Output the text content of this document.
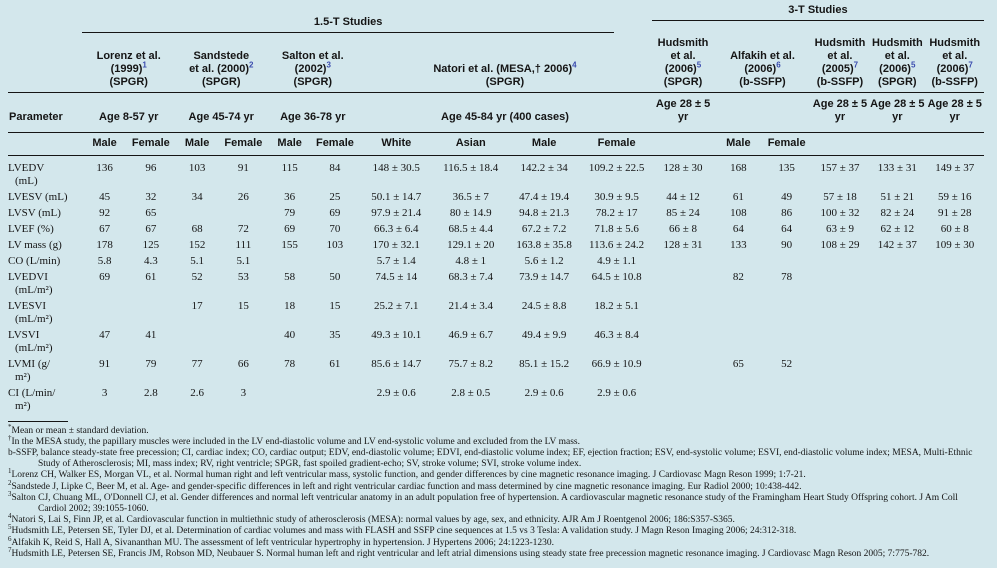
	1.5-T Studies										3-T Studies					

	Lorenz et al.
(1999)$^1$
(SPGR)		Sandstede
et al. (2000)$^2$
(SPGR)		Salton et al.
(2002)$^3$
(SPGR)		Natori et al. (MESA,† 2006)$^4$
(SPGR)				Hudsmith
et al.
(2006)$^5$
(SPGR)	Alfakih et al.
(2006)$^6$
(b-SSFP)		Hudsmith
et al.
(2005)$^7$
(b-SSFP)	Hudsmith
et al.
(2006)$^5$
(SPGR)	Hudsmith
et al.
(2006)$^7$
(b-SSFP)

Parameter	Age 8-57 yr		Age 45-74 yr		Age 36-78 yr		Age 45-84 yr (400 cases)				Age 28 ± 5 yr			Age 28 ± 5 yr	Age 28 ± 5 yr	Age 28 ± 5 yr
	Male	Female	Male	Female	Male	Female	White	Asian	Male	Female		Male	Female			

LVEDV
(mL)	136	96	103	91	115	84	148 ± 30.5	116.5 ± 18.4	142.2 ± 34	109.2 ± 22.5	128 ± 30	168	135	157 ± 37	133 ± 31	149 ± 37

LVESV (mL)	45	32	34	26	36	25	50.1 ± 14.7	36.5 ± 7	47.4 ± 19.4	30.9 ± 9.5	44 ± 12	61	49	57 ± 18	51 ± 21	59 ± 16

LVSV (mL)	92	65			79	69	97.9 ± 21.4	80 ± 14.9	94.8 ± 21.3	78.2 ± 17	85 ± 24	108	86	100 ± 32	82 ± 24	91 ± 28

LVEF (%)	67	67	68	72	69	70	66.3 ± 6.4	68.5 ± 4.4	67.2 ± 7.2	71.8 ± 5.6	66 ± 8	64	64	63 ± 9	62 ± 12	60 ± 8

LV mass (g)	178	125	152	111	155	103	170 ± 32.1	129.1 ± 20	163.8 ± 35.8	113.6 ± 24.2	128 ± 31	133	90	108 ± 29	142 ± 37	109 ± 30

CO (L/min)	5.8	4.3	5.1	5.1			5.7 ± 1.4	4.8 ± 1	5.6 ± 1.2	4.9 ± 1.1						

LVEDVI
(mL/m²)	69	61	52	53	58	50	74.5 ± 14	68.3 ± 7.4	73.9 ± 14.7	64.5 ± 10.8		82	78			

LVESVI
(mL/m²)			17	15	18	15	25.2 ± 7.1	21.4 ± 3.4	24.5 ± 8.8	18.2 ± 5.1						

LVSVI
(mL/m²)	47	41			40	35	49.3 ± 10.1	46.9 ± 6.7	49.4 ± 9.9	46.3 ± 8.4						

LVMI (g/
m²)	91	79	77	66	78	61	85.6 ± 14.7	75.7 ± 8.2	85.1 ± 15.2	66.9 ± 10.9		65	52			

CI (L/min/
m²)	3	2.8	2.6	3			2.9 ± 0.6	2.8 ± 0.5	2.9 ± 0.6	2.9 ± 0.6						
*Mean or mean ± standard deviation.
†In the MESA study, the papillary muscles were included in the LV end-diastolic volume and LV end-systolic volume and excluded from the LV mass.
b-SSFP, balance steady-state free precession; CI, cardiac index; CO, cardiac output; EDV, end-diastolic volume; EDVI, end-diastolic volume index; EF, ejection fraction; ESV, end-systolic volume; ESVI, end-diastolic volume index; MESA, Multi-Ethnic Study of Atherosclerosis; MI, mass index; RV, right ventricle; SPGR, fast spoiled gradient-echo; SV, stroke volume; SVI, stroke volume index.
$^1$Lorenz CH, Walker ES, Morgan VL, et al. Normal human right and left ventricular mass, systolic function, and gender differences by cine magnetic resonance imaging. J Cardiovasc Magn Reson 1999; 1:7-21.
$^2$Sandstede J, Lipke C, Beer M, et al. Age- and gender-specific differences in left and right ventricular cardiac function and mass determined by cine magnetic resonance imaging. Eur Radiol 2000; 10:438-442.
$^3$Salton CJ, Chuang ML, O'Donnell CJ, et al. Gender differences and normal left ventricular anatomy in an adult population free of hypertension. A cardiovascular magnetic resonance study of the Framingham Heart Study Offspring cohort. J Am Coll Cardiol 2002; 39:1055-1060.
$^4$Natori S, Lai S, Finn JP, et al. Cardiovascular function in multiethnic study of atherosclerosis (MESA): normal values by age, sex, and ethnicity. AJR Am J Roentgenol 2006; 186:S357-S365.
$^5$Hudsmith LE, Petersen SE, Tyler DJ, et al. Determination of cardiac volumes and mass with FLASH and SSFP cine sequences at 1.5 vs 3 Tesla: A validation study. J Magn Reson Imaging 2006; 24:312-318.
$^6$Alfakih K, Reid S, Hall A, Sivananthan MU. The assessment of left ventricular hypertrophy in hypertension. J Hypertens 2006; 24:1223-1230.
$^7$Hudsmith LE, Petersen SE, Francis JM, Robson MD, Neubauer S. Normal human left and right ventricular and left atrial dimensions using steady state free precession magnetic resonance imaging. J Cardiovasc Magn Reson 2005; 7:775-782.
